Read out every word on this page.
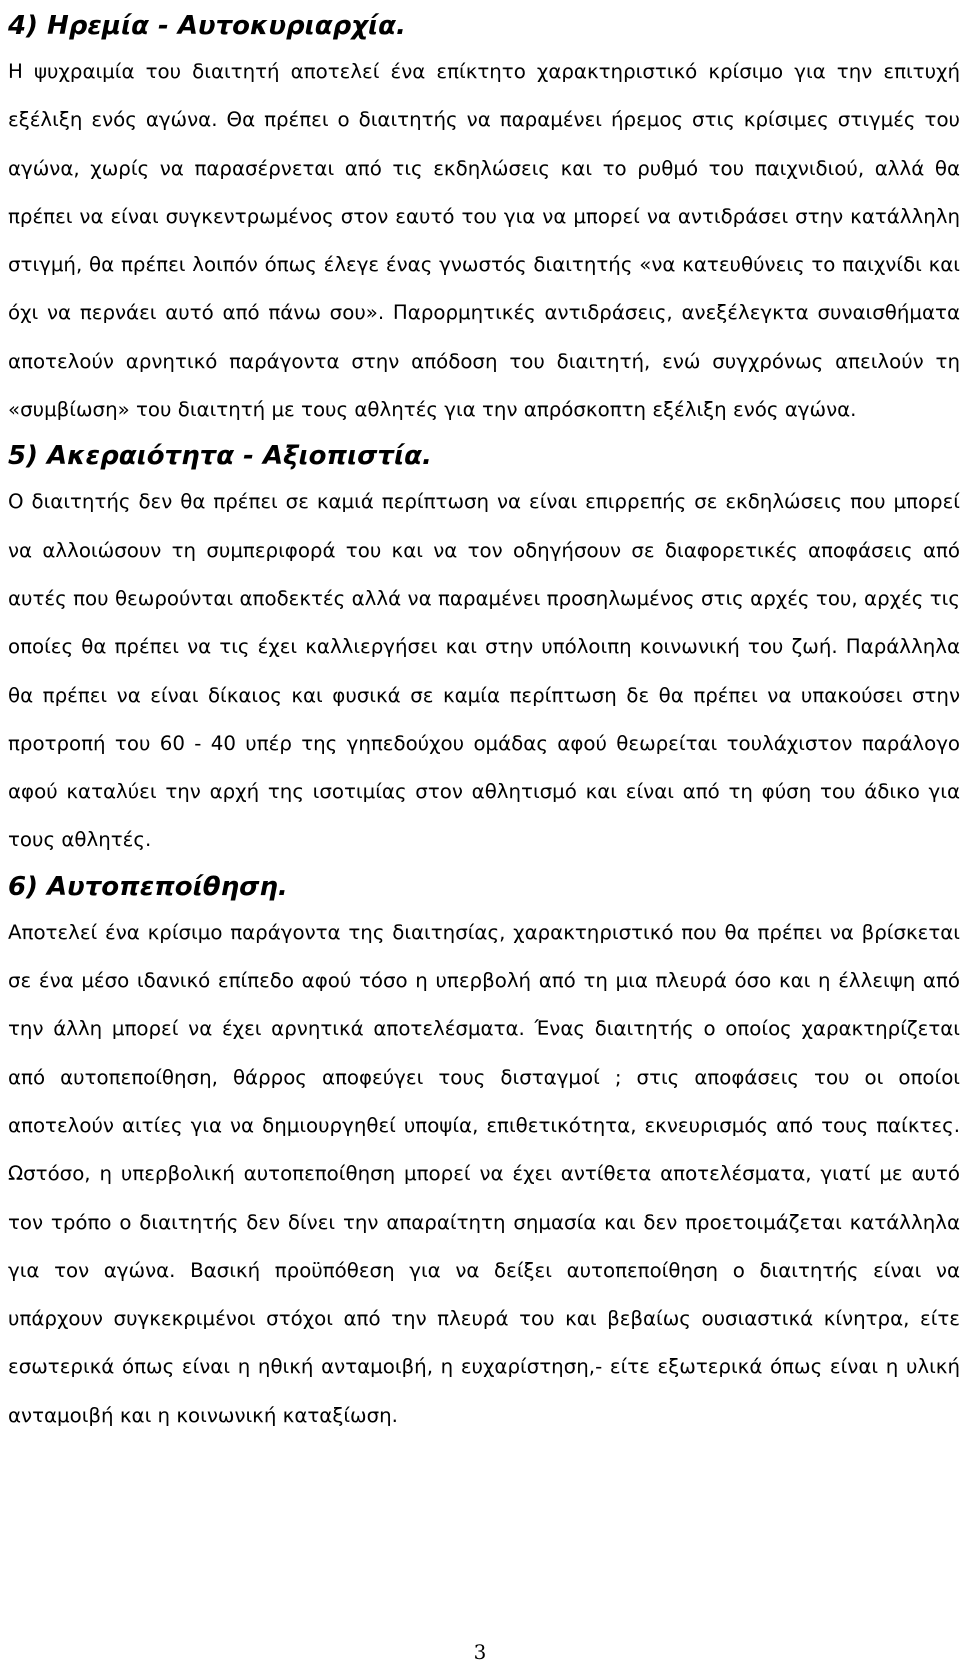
4) Ηρεμία - Αυτοκυριαρχία.

Η ψυχραιμία του διαιτητή αποτελεί ένα επίκτητο χαρακτηριστικό κρίσιμο για την επιτυχή εξέλιξη ενός αγώνα. Θα πρέπει ο διαιτητής να παραμένει ήρεμος στις κρίσιμες στιγμές του αγώνα, χωρίς να παρασέρνεται από τις εκδηλώσεις και το ρυθμό του παιχνιδιού, αλλά θα πρέπει να είναι συγκεντρωμένος στον εαυτό του για να μπορεί να αντιδράσει στην κατάλληλη στιγμή, θα πρέπει λοιπόν όπως έλεγε ένας γνωστός διαιτητής «να κατευθύνεις το παιχνίδι και όχι να περνάει αυτό από πάνω σου». Παρορμητικές αντιδράσεις, ανεξέλεγκτα συναισθήματα αποτελούν αρνητικό παράγοντα στην απόδοση του διαιτητή, ενώ συγχρόνως απειλούν τη «συμβίωση» του διαιτητή με τους αθλητές για την απρόσκοπτη εξέλιξη ενός αγώνα.

5) Ακεραιότητα - Αξιοπιστία.

Ο διαιτητής δεν θα πρέπει σε καμιά περίπτωση να είναι επιρρεπής σε εκδηλώσεις που μπορεί να αλλοιώσουν τη συμπεριφορά του και να τον οδηγήσουν σε διαφορετικές αποφάσεις από αυτές που θεωρούνται αποδεκτές αλλά να παραμένει προσηλωμένος στις αρχές του, αρχές τις οποίες θα πρέπει να τις έχει καλλιεργήσει και στην υπόλοιπη κοινωνική του ζωή. Παράλληλα θα πρέπει να είναι δίκαιος και φυσικά σε καμία περίπτωση δε θα πρέπει να υπακούσει στην προτροπή του 60 - 40 υπέρ της γηπεδούχου ομάδας αφού θεωρείται τουλάχιστον παράλογο αφού καταλύει την αρχή της ισοτιμίας στον αθλητισμό και είναι από τη φύση του άδικο για τους αθλητές.

6) Αυτοπεποίθηση.

Αποτελεί ένα κρίσιμο παράγοντα της διαιτησίας, χαρακτηριστικό που θα πρέπει να βρίσκεται σε ένα μέσο ιδανικό επίπεδο αφού τόσο η υπερβολή από τη μια πλευρά όσο και η έλλειψη από την άλλη μπορεί να έχει αρνητικά αποτελέσματα. Ένας διαιτητής ο οποίος χαρακτηρίζεται από αυτοπεποίθηση, θάρρος αποφεύγει τους δισταγμοί ; στις αποφάσεις του οι οποίοι αποτελούν αιτίες για να δημιουργηθεί υποψία, επιθετικότητα, εκνευρισμός από τους παίκτες. Ωστόσο, η υπερβολική αυτοπεποίθηση μπορεί να έχει αντίθετα αποτελέσματα, γιατί με αυτό τον τρόπο ο διαιτητής δεν δίνει την απαραίτητη σημασία και δεν προετοιμάζεται κατάλληλα για τον αγώνα. Βασική προϋπόθεση για να δείξει αυτοπεποίθηση ο διαιτητής είναι να υπάρχουν συγκεκριμένοι στόχοι από την πλευρά του και βεβαίως ουσιαστικά κίνητρα, είτε εσωτερικά όπως είναι η ηθική ανταμοιβή, η ευχαρίστηση,- είτε εξωτερικά όπως είναι η υλική ανταμοιβή και η κοινωνική καταξίωση.

3
